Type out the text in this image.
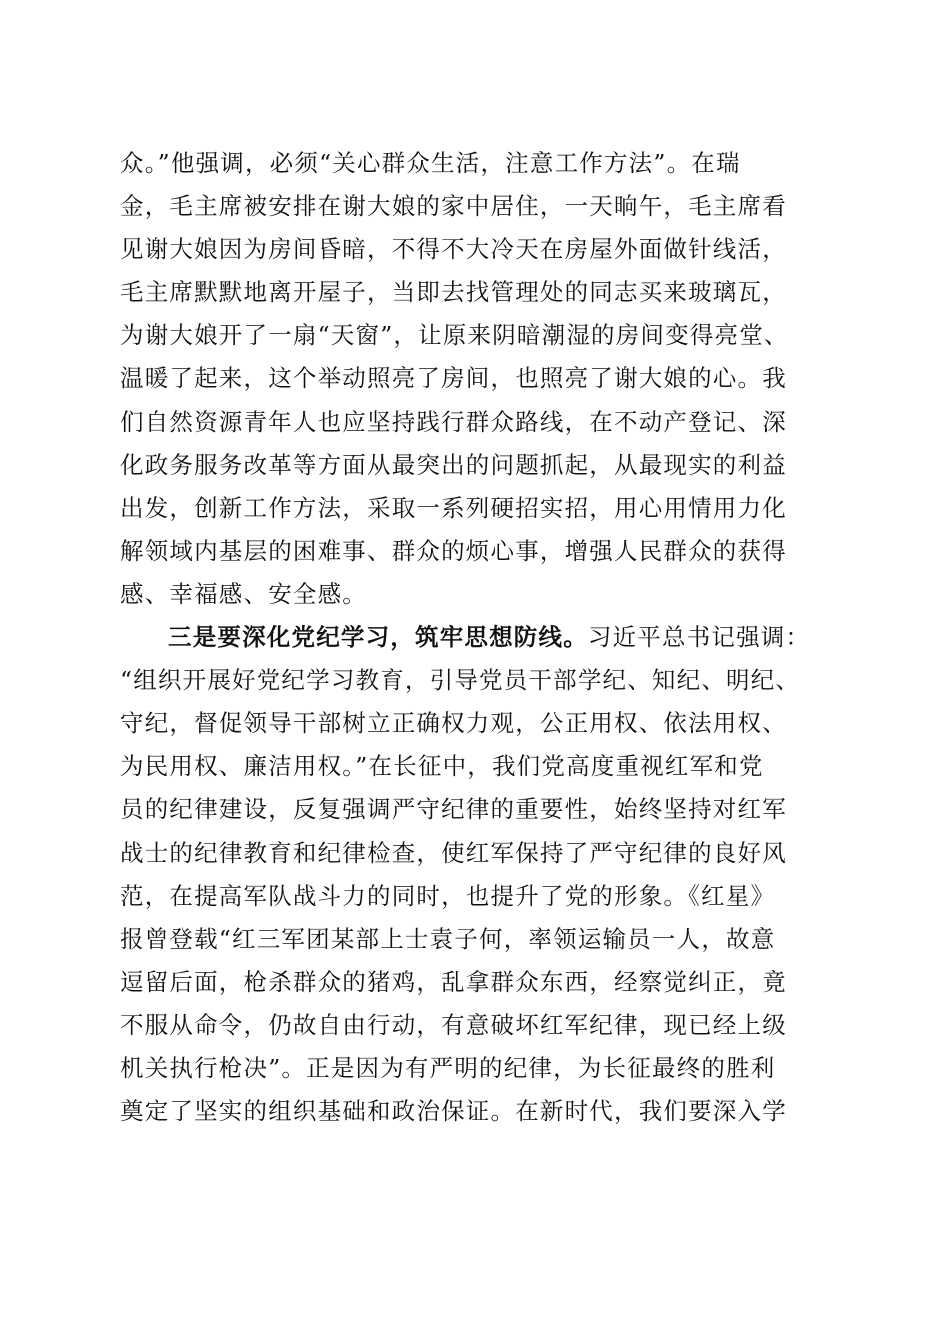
众。”他强调，必须“关心群众生活，注意工作方法”。在瑞
金，毛主席被安排在谢大娘的家中居住，一天晌午，毛主席看
见谢大娘因为房间昏暗，不得不大冷天在房屋外面做针线活，
毛主席默默地离开屋子，当即去找管理处的同志买来玻璃瓦，
为谢大娘开了一扇“天窗”，让原来阴暗潮湿的房间变得亮堂、
温暖了起来，这个举动照亮了房间，也照亮了谢大娘的心。我
们自然资源青年人也应坚持践行群众路线，在不动产登记、深
化政务服务改革等方面从最突出的问题抓起，从最现实的利益
出发，创新工作方法，采取一系列硬招实招，用心用情用力化
解领域内基层的困难事、群众的烦心事，增强人民群众的获得
感、幸福感、安全感。
三是要深化党纪学习，筑牢思想防线。习近平总书记强调：
“组织开展好党纪学习教育，引导党员干部学纪、知纪、明纪、
守纪，督促领导干部树立正确权力观，公正用权、依法用权、
为民用权、廉洁用权。”在长征中，我们党高度重视红军和党
员的纪律建设，反复强调严守纪律的重要性，始终坚持对红军
战士的纪律教育和纪律检查，使红军保持了严守纪律的良好风
范，在提高军队战斗力的同时，也提升了党的形象。《红星》
报曾登载“红三军团某部上士袁子何，率领运输员一人，故意
逗留后面，枪杀群众的猪鸡，乱拿群众东西，经察觉纠正，竟
不服从命令，仍故自由行动，有意破坏红军纪律，现已经上级
机关执行枪决”。正是因为有严明的纪律，为长征最终的胜利
奠定了坚实的组织基础和政治保证。在新时代，我们要深入学
